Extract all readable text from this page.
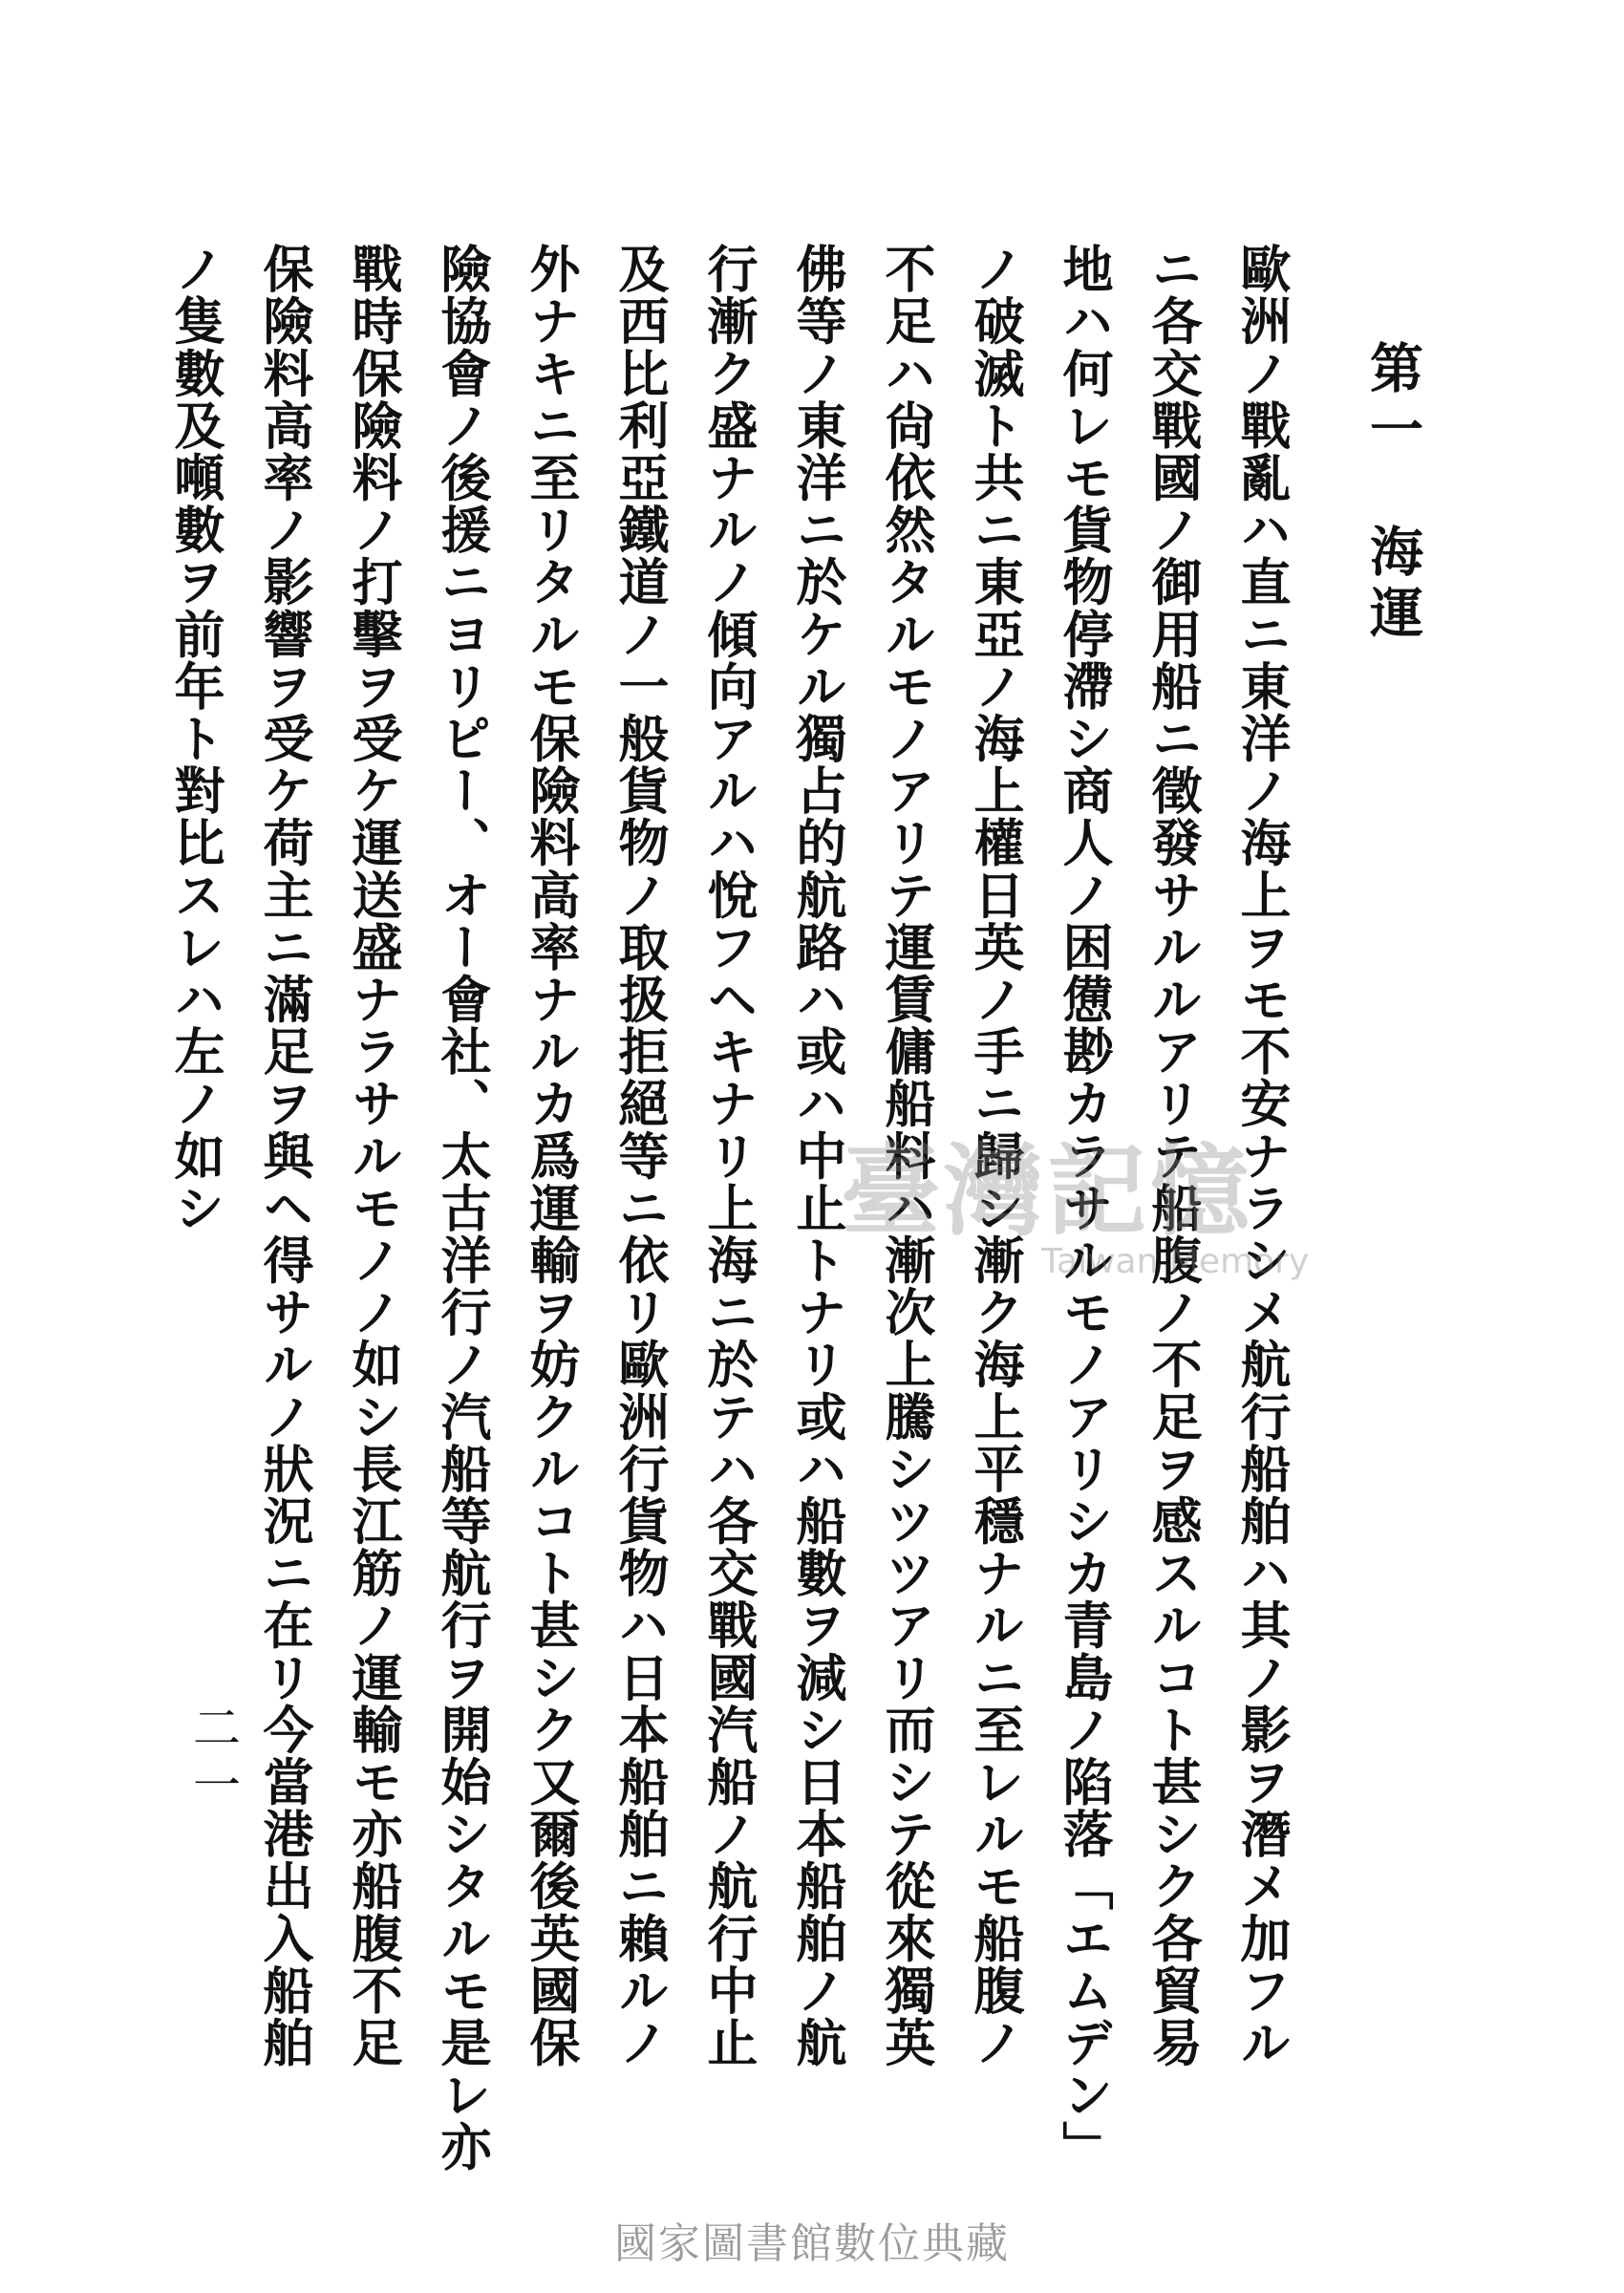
第一　海運
歐洲ノ戰亂ハ直ニ東洋ノ海上ヲモ不安ナラシメ航行船舶ハ其ノ影ヲ潛メ加フル
ニ各交戰國ノ御用船ニ徵發サルルアリテ船腹ノ不足ヲ感スルコト甚シク各貿易
地ハ何レモ貨物停滯シ商人ノ困憊尠カラサルモノアリシカ青島ノ陷落「エムデン」
ノ破滅ト共ニ東亞ノ海上權日英ノ手ニ歸シ漸ク海上平穩ナルニ至レルモ船腹ノ
不足ハ尙依然タルモノアリテ運賃傭船料ハ漸次上騰シツツアリ而シテ從來獨英
佛等ノ東洋ニ於ケル獨占的航路ハ或ハ中止トナリ或ハ船數ヲ減シ日本船舶ノ航
行漸ク盛ナルノ傾向アルハ悅フヘキナリ上海ニ於テハ各交戰國汽船ノ航行中止
及西比利亞鐵道ノ一般貨物ノ取扱拒絕等ニ依リ歐洲行貨物ハ日本船舶ニ賴ルノ
外ナキニ至リタルモ保險料高率ナルカ爲運輸ヲ妨クルコト甚シク又爾後英國保
險協會ノ後援ニヨリピー、オー會社、太古洋行ノ汽船等航行ヲ開始シタルモ是レ亦
戰時保險料ノ打擊ヲ受ケ運送盛ナラサルモノノ如シ長江筋ノ運輸モ亦船腹不足
保險料高率ノ影響ヲ受ケ荷主ニ滿足ヲ與ヘ得サルノ狀況ニ在リ今當港出入船舶
ノ隻數及噸數ヲ前年ト對比スレハ左ノ如シ
二一
臺灣記憶
Taiwan Memory
國家圖書館數位典藏
